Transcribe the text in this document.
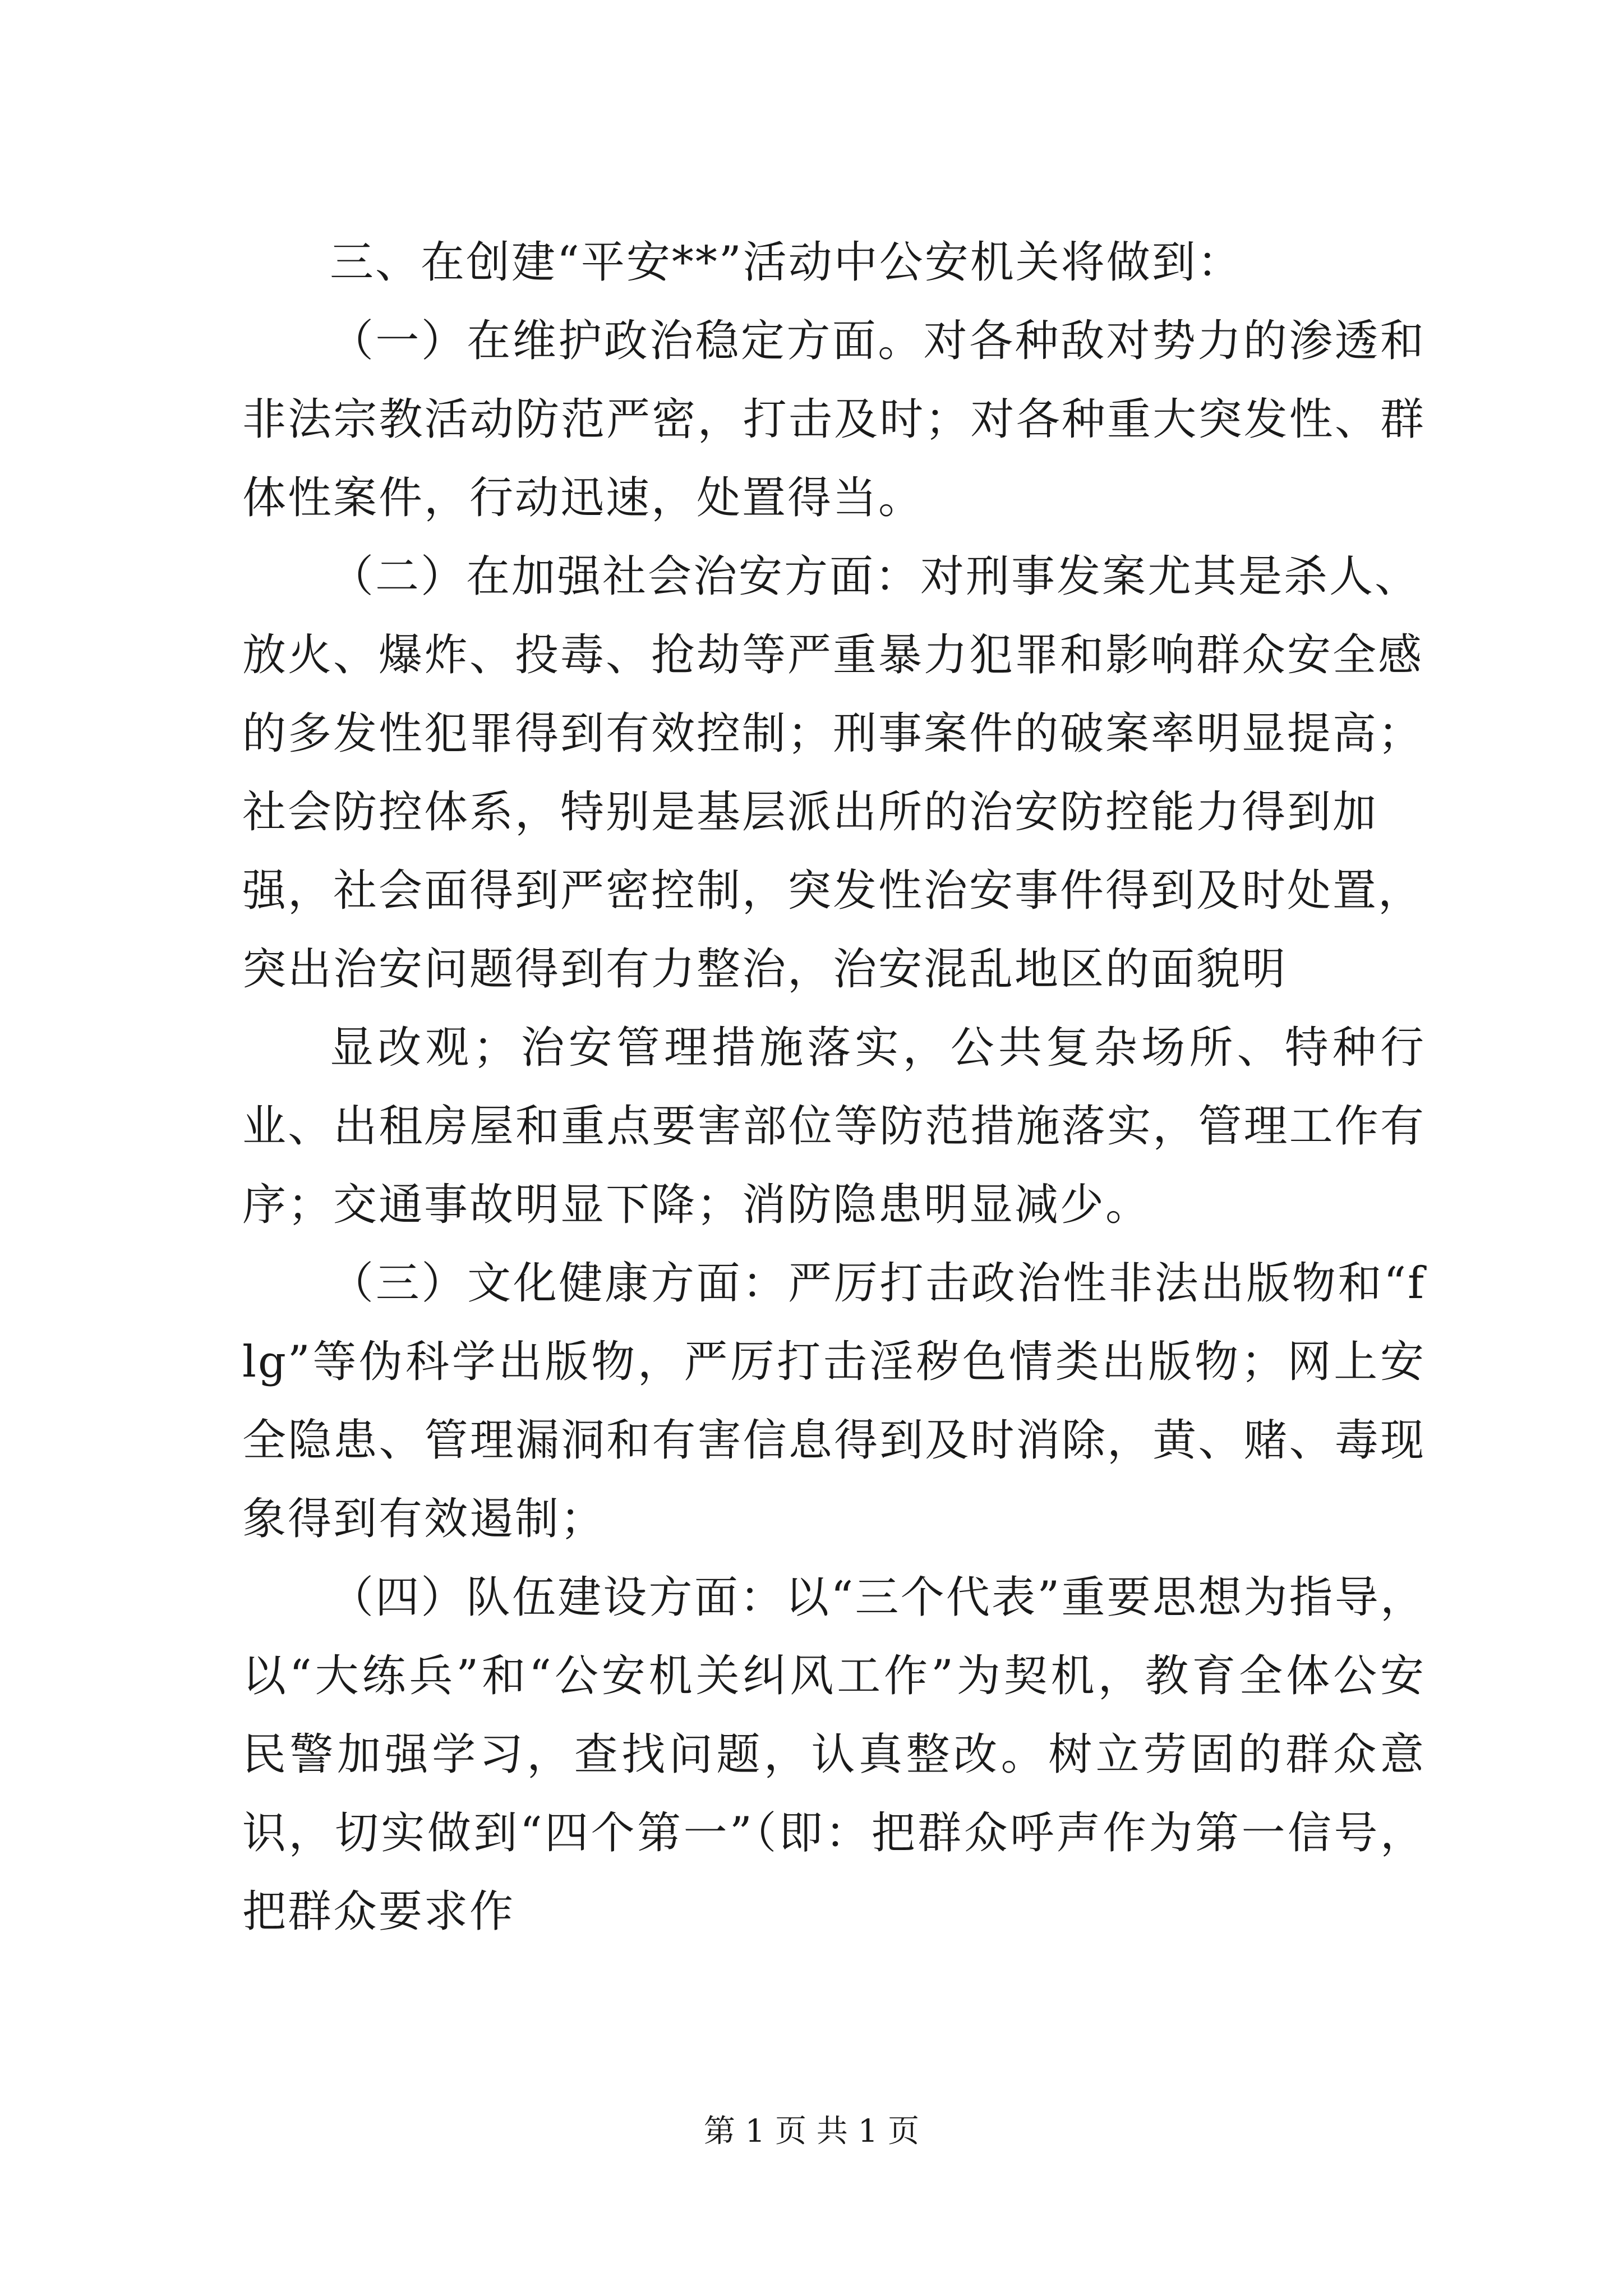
三、在创建“平安**”活动中公安机关将做到：

（一）在维护政治稳定方面。对各种敌对势力的渗透和非法宗教活动防范严密，打击及时；对各种重大突发性、群体性案件，行动迅速，处置得当。

（二）在加强社会治安方面：对刑事发案尤其是杀人、放火、爆炸、投毒、抢劫等严重暴力犯罪和影响群众安全感的多发性犯罪得到有效控制；刑事案件的破案率明显提高；社会防控体系，特别是基层派出所的治安防控能力得到加强，社会面得到严密控制，突发性治安事件得到及时处置，突出治安问题得到有力整治，治安混乱地区的面貌明

显改观；治安管理措施落实，公共复杂场所、特种行业、出租房屋和重点要害部位等防范措施落实，管理工作有序；交通事故明显下降；消防隐患明显减少。

（三）文化健康方面：严厉打击政治性非法出版物和“flg”等伪科学出版物，严厉打击淫秽色情类出版物；网上安全隐患、管理漏洞和有害信息得到及时消除，黄、赌、毒现象得到有效遏制；

（四）队伍建设方面：以“三个代表”重要思想为指导，以“大练兵”和“公安机关纠风工作”为契机，教育全体公安民警加强学习，查找问题，认真整改。树立劳固的群众意识，切实做到“四个第一”（即：把群众呼声作为第一信号，把群众要求作

第 1 页 共 1 页
